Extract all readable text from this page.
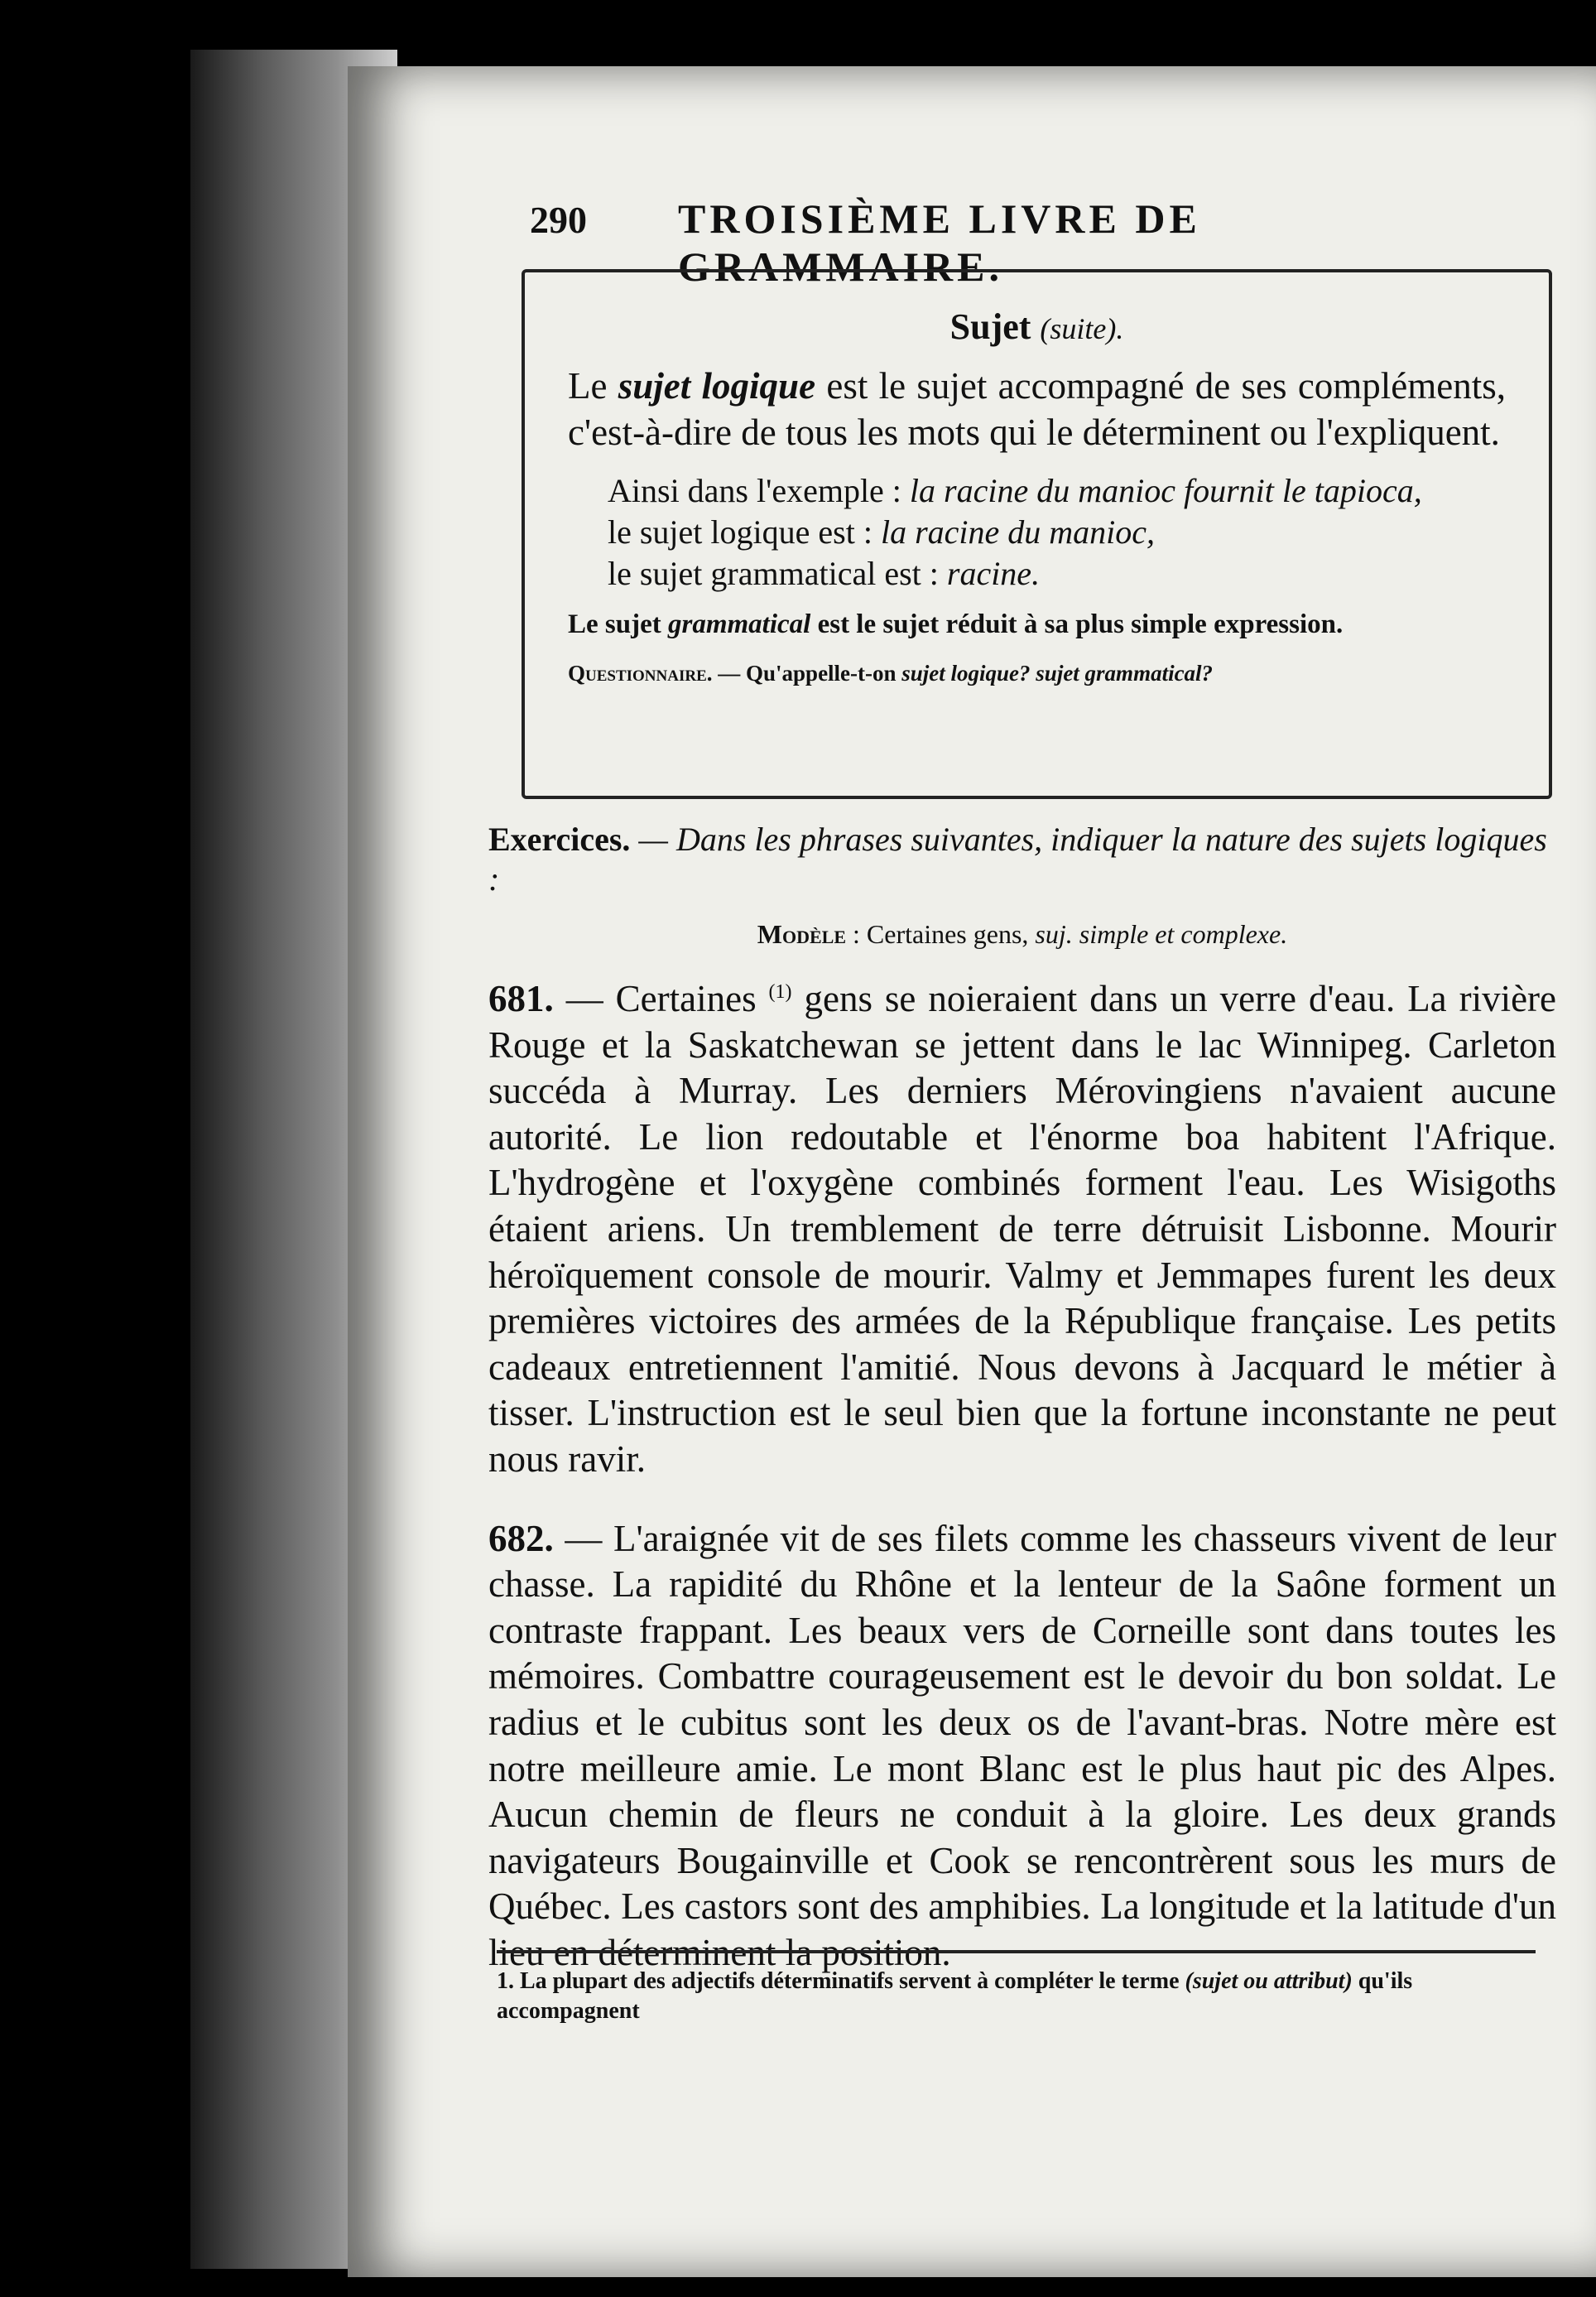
290 TROISIÈME LIVRE DE GRAMMAIRE.
Sujet (suite).

Le sujet logique est le sujet accompagné de ses compléments, c'est-à-dire de tous les mots qui le déterminent ou l'expliquent.

Ainsi dans l'exemple : la racine du manioc fournit le tapioca,
le sujet logique est : la racine du manioc,
le sujet grammatical est : racine.

Le sujet grammatical est le sujet réduit à sa plus simple expression.

Questionnaire. — Qu'appelle-t-on sujet logique? sujet grammatical?

Exercices. — Dans les phrases suivantes, indiquer la nature des sujets logiques :

Modèle : Certaines gens, suj. simple et complexe.

681. — Certaines $^{(1)}$ gens se noieraient dans un verre d'eau. La rivière Rouge et la Saskatchewan se jettent dans le lac Winnipeg. Carleton succéda à Murray. Les derniers Mérovingiens n'avaient aucune autorité. Le lion redoutable et l'énorme boa habitent l'Afrique. L'hydrogène et l'oxygène combinés forment l'eau. Les Wisigoths étaient ariens. Un tremblement de terre détruisit Lisbonne. Mourir héroïquement console de mourir. Valmy et Jemmapes furent les deux premières victoires des armées de la République française. Les petits cadeaux entretiennent l'amitié. Nous devons à Jacquard le métier à tisser. L'instruction est le seul bien que la fortune inconstante ne peut nous ravir.

682. — L'araignée vit de ses filets comme les chasseurs vivent de leur chasse. La rapidité du Rhône et la lenteur de la Saône forment un contraste frappant. Les beaux vers de Corneille sont dans toutes les mémoires. Combattre courageusement est le devoir du bon soldat. Le radius et le cubitus sont les deux os de l'avant-bras. Notre mère est notre meilleure amie. Le mont Blanc est le plus haut pic des Alpes. Aucun chemin de fleurs ne conduit à la gloire. Les deux grands navigateurs Bougainville et Cook se rencontrèrent sous les murs de Québec. Les castors sont des amphibies. La longitude et la latitude d'un lieu en déterminent la position.

1. La plupart des adjectifs déterminatifs servent à compléter le terme (sujet ou attribut) qu'ils accompagnent
